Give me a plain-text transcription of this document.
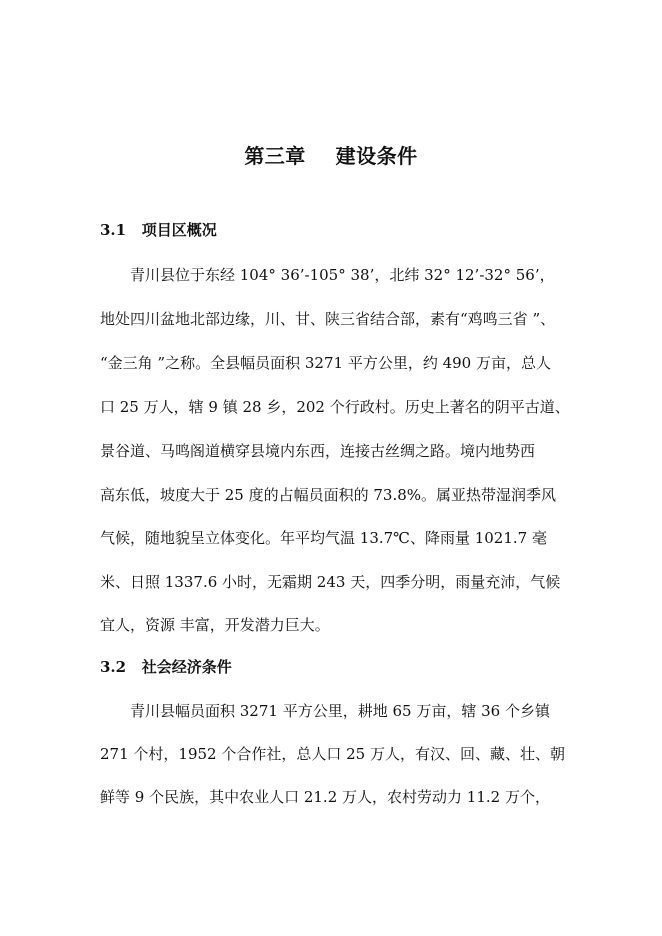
第三章    建设条件
3.1   项目区概况
青川县位于东经 104° 36’-105° 38’，北纬 32° 12’-32° 56’，
地处四川盆地北部边缘，川、甘、陕三省结合部，素有“鸡鸣三省 ”、
“金三角 ”之称。全县幅员面积 3271 平方公里，约 490 万亩，总人
口 25 万人，辖 9 镇 28 乡，202 个行政村。历史上著名的阴平古道、
景谷道、马鸣阁道横穿县境内东西，连接古丝绸之路。境内地势西
高东低，坡度大于 25 度的占幅员面积的 73.8%。属亚热带湿润季风
气候，随地貌呈立体变化。年平均气温 13.7℃、降雨量 1021.7 毫
米、日照 1337.6 小时，无霜期 243 天，四季分明，雨量充沛，气候
宜人，资源 丰富，开发潜力巨大。
3.2   社会经济条件
青川县幅员面积 3271 平方公里，耕地 65 万亩，辖 36 个乡镇
271 个村，1952 个合作社，总人口 25 万人，有汉、回、藏、壮、朝
鲜等 9 个民族，其中农业人口 21.2 万人，农村劳动力 11.2 万个，
